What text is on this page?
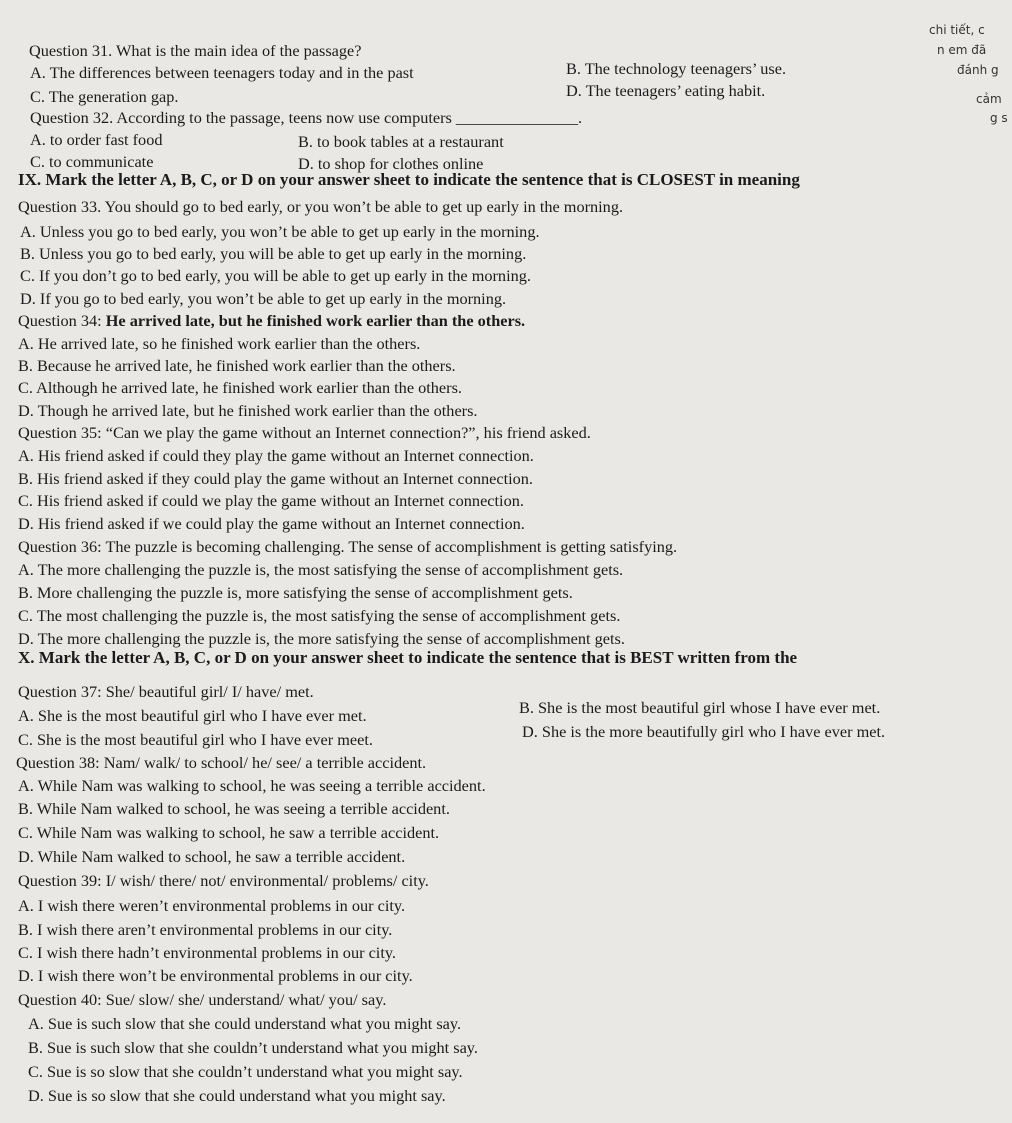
chi tiết, c
n em đã
đánh g
cảm
g s
Question 31. What is the main idea of the passage?
A. The differences between teenagers today and in the past	B. The technology teenagers’ use.
C. The generation gap.	D. The teenagers’ eating habit.
Question 32. According to the passage, teens now use computers _______________.
A. to order fast food	B. to book tables at a restaurant
C. to communicate	D. to shop for clothes online
IX. Mark the letter A, B, C, or D on your answer sheet to indicate the sentence that is CLOSEST in meaning
Question 33. You should go to bed early, or you won’t be able to get up early in the morning.
A. Unless you go to bed early, you won’t be able to get up early in the morning.
B. Unless you go to bed early, you will be able to get up early in the morning.
C. If you don’t go to bed early, you will be able to get up early in the morning.
D. If you go to bed early, you won’t be able to get up early in the morning.
Question 34: He arrived late, but he finished work earlier than the others.
A. He arrived late, so he finished work earlier than the others.
B. Because he arrived late, he finished work earlier than the others.
C. Although he arrived late, he finished work earlier than the others.
D. Though he arrived late, but he finished work earlier than the others.
Question 35: “Can we play the game without an Internet connection?”, his friend asked.
A. His friend asked if could they play the game without an Internet connection.
B. His friend asked if they could play the game without an Internet connection.
C. His friend asked if could we play the game without an Internet connection.
D. His friend asked if we could play the game without an Internet connection.
Question 36: The puzzle is becoming challenging. The sense of accomplishment is getting satisfying.
A. The more challenging the puzzle is, the most satisfying the sense of accomplishment gets.
B. More challenging the puzzle is, more satisfying the sense of accomplishment gets.
C. The most challenging the puzzle is, the most satisfying the sense of accomplishment gets.
D. The more challenging the puzzle is, the more satisfying the sense of accomplishment gets.
X. Mark the letter A, B, C, or D on your answer sheet to indicate the sentence that is BEST written from the
Question 37: She/ beautiful girl/ I/ have/ met.
A. She is the most beautiful girl who I have ever met.	B. She is the most beautiful girl whose I have ever met.
C. She is the most beautiful girl who I have ever meet.	D. She is the more beautifully girl who I have ever met.
Question 38: Nam/ walk/ to school/ he/ see/ a terrible accident.
A. While Nam was walking to school, he was seeing a terrible accident.
B. While Nam walked to school, he was seeing a terrible accident.
C. While Nam was walking to school, he saw a terrible accident.
D. While Nam walked to school, he saw a terrible accident.
Question 39: I/ wish/ there/ not/ environmental/ problems/ city.
A. I wish there weren’t environmental problems in our city.
B. I wish there aren’t environmental problems in our city.
C. I wish there hadn’t environmental problems in our city.
D. I wish there won’t be environmental problems in our city.
Question 40: Sue/ slow/ she/ understand/ what/ you/ say.
A. Sue is such slow that she could understand what you might say.
B. Sue is such slow that she couldn’t understand what you might say.
C. Sue is so slow that she couldn’t understand what you might say.
D. Sue is so slow that she could understand what you might say.
